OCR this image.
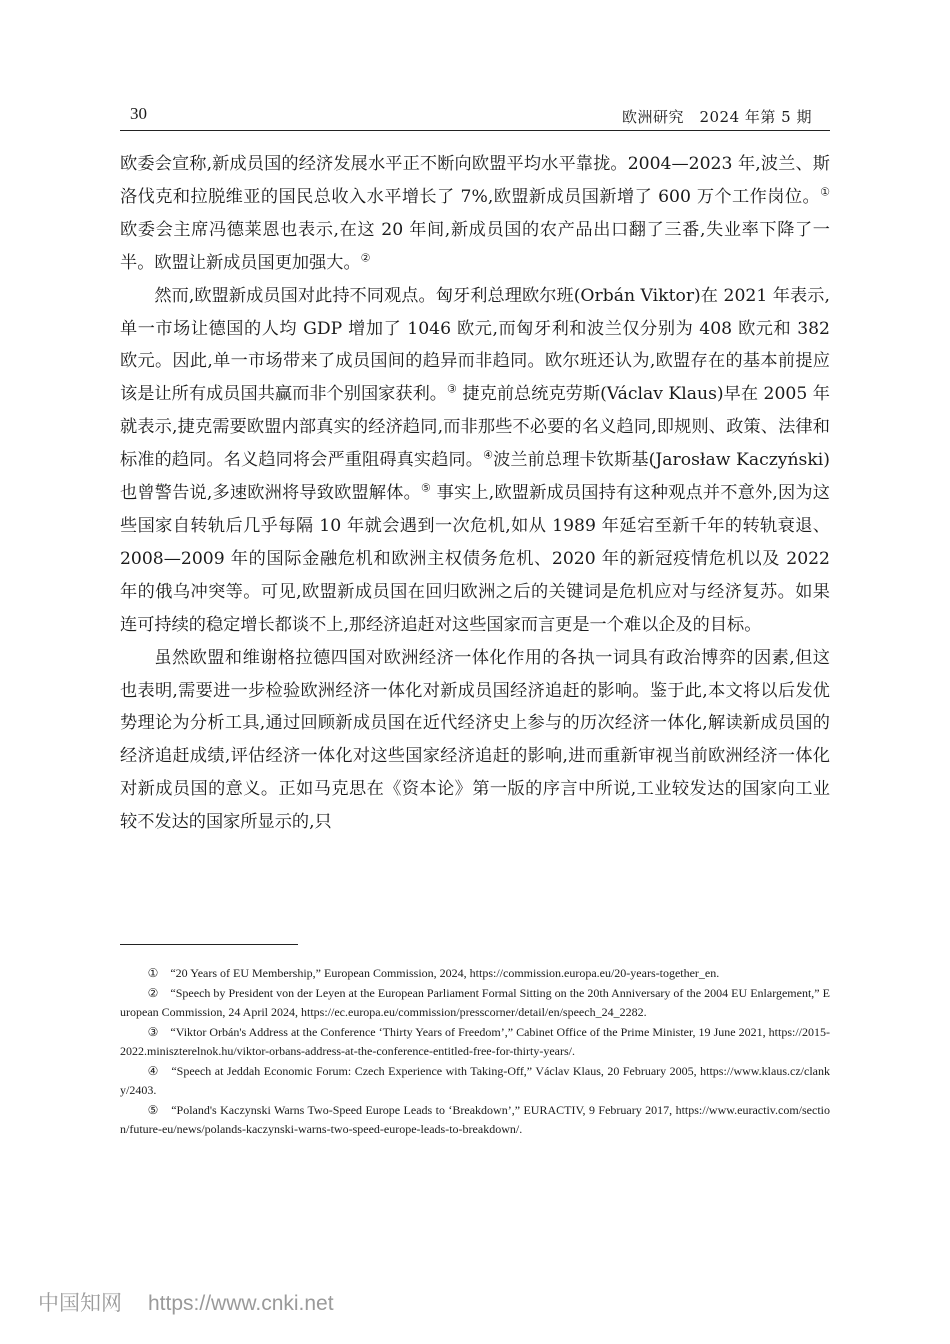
30	欧洲研究　2024 年第 5 期

欧委会宣称,新成员国的经济发展水平正不断向欧盟平均水平靠拢。2004—2023 年,波兰、斯洛伐克和拉脱维亚的国民总收入水平增长了 7%,欧盟新成员国新增了 600 万个工作岗位。① 欧委会主席冯德莱恩也表示,在这 20 年间,新成员国的农产品出口翻了三番,失业率下降了一半。欧盟让新成员国更加强大。②

然而,欧盟新成员国对此持不同观点。匈牙利总理欧尔班(Orbán Viktor)在 2021 年表示,单一市场让德国的人均 GDP 增加了 1046 欧元,而匈牙利和波兰仅分别为 408 欧元和 382 欧元。因此,单一市场带来了成员国间的趋异而非趋同。欧尔班还认为,欧盟存在的基本前提应该是让所有成员国共赢而非个别国家获利。③ 捷克前总统克劳斯(Václav Klaus)早在 2005 年就表示,捷克需要欧盟内部真实的经济趋同,而非那些不必要的名义趋同,即规则、政策、法律和标准的趋同。名义趋同将会严重阻碍真实趋同。④波兰前总理卡钦斯基(Jarosław Kaczyński)也曾警告说,多速欧洲将导致欧盟解体。⑤ 事实上,欧盟新成员国持有这种观点并不意外,因为这些国家自转轨后几乎每隔 10 年就会遇到一次危机,如从 1989 年延宕至新千年的转轨衰退、2008—2009 年的国际金融危机和欧洲主权债务危机、2020 年的新冠疫情危机以及 2022 年的俄乌冲突等。可见,欧盟新成员国在回归欧洲之后的关键词是危机应对与经济复苏。如果连可持续的稳定增长都谈不上,那经济追赶对这些国家而言更是一个难以企及的目标。

虽然欧盟和维谢格拉德四国对欧洲经济一体化作用的各执一词具有政治博弈的因素,但这也表明,需要进一步检验欧洲经济一体化对新成员国经济追赶的影响。鉴于此,本文将以后发优势理论为分析工具,通过回顾新成员国在近代经济史上参与的历次经济一体化,解读新成员国的经济追赶成绩,评估经济一体化对这些国家经济追赶的影响,进而重新审视当前欧洲经济一体化对新成员国的意义。正如马克思在《资本论》第一版的序言中所说,工业较发达的国家向工业较不发达的国家所显示的,只

①　“20 Years of EU Membership,” European Commission, 2024, https://commission.europa.eu/20-years-together_en.

②　“Speech by President von der Leyen at the European Parliament Formal Sitting on the 20th Anniversary of the 2004 EU Enlargement,” European Commission, 24 April 2024, https://ec.europa.eu/commission/presscorner/detail/en/speech_24_2282.

③　“Viktor Orbán's Address at the Conference ‘Thirty Years of Freedom’,” Cabinet Office of the Prime Minister, 19 June 2021, https://2015-2022.miniszterelnok.hu/viktor-orbans-address-at-the-conference-entitled-free-for-thirty-years/.

④　“Speech at Jeddah Economic Forum: Czech Experience with Taking-Off,” Václav Klaus, 20 February 2005, https://www.klaus.cz/clanky/2403.

⑤　“Poland's Kaczynski Warns Two-Speed Europe Leads to ‘Breakdown’,” EURACTIV, 9 February 2017, https://www.euractiv.com/section/future-eu/news/polands-kaczynski-warns-two-speed-europe-leads-to-breakdown/.

中国知网 https://www.cnki.net
